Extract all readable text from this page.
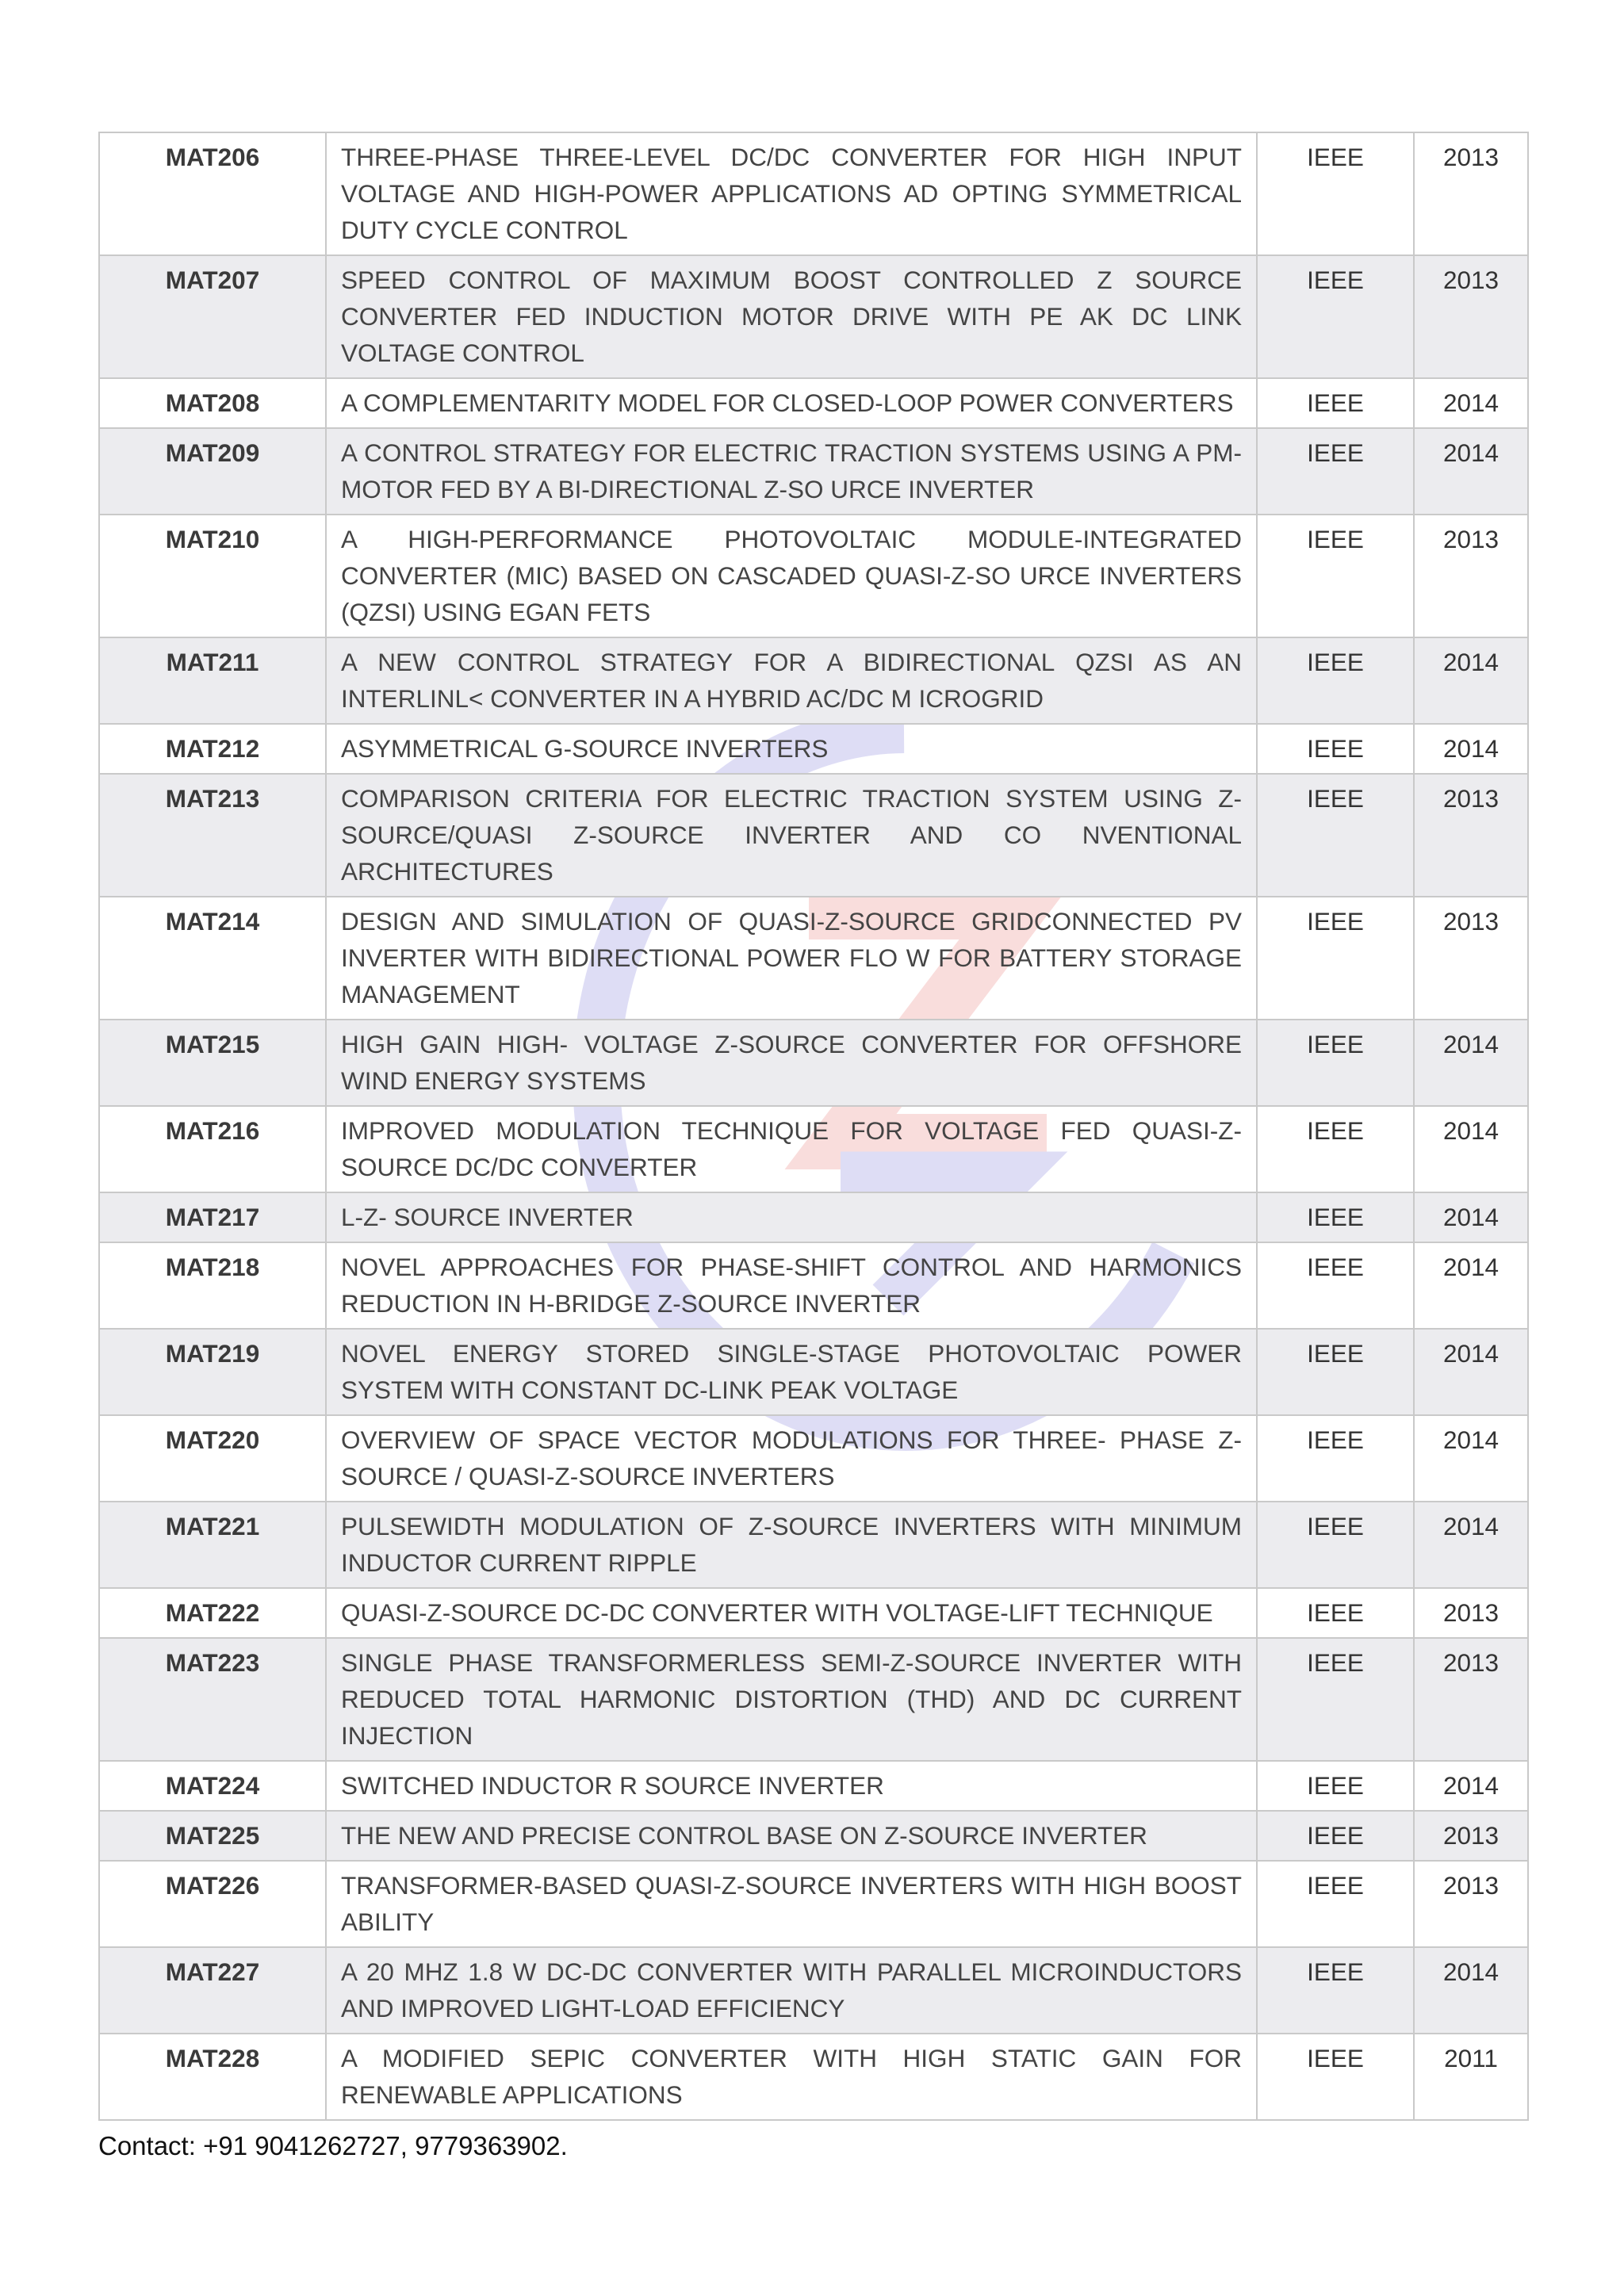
MAT206	THREE-PHASE THREE-LEVEL DC/DC CONVERTER FOR HIGH INPUT VOLTAGE AND HIGH-POWER APPLICATIONS AD OPTING SYMMETRICAL DUTY CYCLE CONTROL	IEEE	2013
MAT207	SPEED CONTROL OF MAXIMUM BOOST CONTROLLED Z SOURCE CONVERTER FED INDUCTION MOTOR DRIVE WITH PE AK DC LINK VOLTAGE CONTROL	IEEE	2013
MAT208	A COMPLEMENTARITY MODEL FOR CLOSED-LOOP POWER CONVERTERS	IEEE	2014
MAT209	A CONTROL STRATEGY FOR ELECTRIC TRACTION SYSTEMS USING A PM-MOTOR FED BY A BI-DIRECTIONAL Z-SO URCE INVERTER	IEEE	2014
MAT210	A HIGH-PERFORMANCE PHOTOVOLTAIC MODULE-INTEGRATED CONVERTER (MIC) BASED ON CASCADED QUASI-Z-SO URCE INVERTERS (QZSI) USING EGAN FETS	IEEE	2013
MAT211	A NEW CONTROL STRATEGY FOR A BIDIRECTIONAL QZSI AS AN INTERLINL< CONVERTER IN A HYBRID AC/DC M ICROGRID	IEEE	2014
MAT212	ASYMMETRICAL G-SOURCE INVERTERS	IEEE	2014
MAT213	COMPARISON CRITERIA FOR ELECTRIC TRACTION SYSTEM USING Z-SOURCE/QUASI Z-SOURCE INVERTER AND CO NVENTIONAL ARCHITECTURES	IEEE	2013
MAT214	DESIGN AND SIMULATION OF QUASI-Z-SOURCE GRIDCONNECTED PV INVERTER WITH BIDIRECTIONAL POWER FLO W FOR BATTERY STORAGE MANAGEMENT	IEEE	2013
MAT215	HIGH GAIN HIGH- VOLTAGE Z-SOURCE CONVERTER FOR OFFSHORE WIND ENERGY SYSTEMS	IEEE	2014
MAT216	IMPROVED MODULATION TECHNIQUE FOR VOLTAGE FED QUASI-Z-SOURCE DC/DC CONVERTER	IEEE	2014
MAT217	L-Z- SOURCE INVERTER	IEEE	2014
MAT218	NOVEL APPROACHES FOR PHASE-SHIFT CONTROL AND HARMONICS REDUCTION IN H-BRIDGE Z-SOURCE INVERTER	IEEE	2014
MAT219	NOVEL ENERGY STORED SINGLE-STAGE PHOTOVOLTAIC POWER SYSTEM WITH CONSTANT DC-LINK PEAK VOLTAGE	IEEE	2014
MAT220	OVERVIEW OF SPACE VECTOR MODULATIONS FOR THREE- PHASE Z-SOURCE / QUASI-Z-SOURCE INVERTERS	IEEE	2014
MAT221	PULSEWIDTH MODULATION OF Z-SOURCE INVERTERS WITH MINIMUM INDUCTOR CURRENT RIPPLE	IEEE	2014
MAT222	QUASI-Z-SOURCE DC-DC CONVERTER WITH VOLTAGE-LIFT TECHNIQUE	IEEE	2013
MAT223	SINGLE PHASE TRANSFORMERLESS SEMI-Z-SOURCE INVERTER WITH REDUCED TOTAL HARMONIC DISTORTION (THD) AND DC CURRENT INJECTION	IEEE	2013
MAT224	SWITCHED INDUCTOR R SOURCE INVERTER	IEEE	2014
MAT225	THE NEW AND PRECISE CONTROL BASE ON Z-SOURCE INVERTER	IEEE	2013
MAT226	TRANSFORMER-BASED QUASI-Z-SOURCE INVERTERS WITH HIGH BOOST ABILITY	IEEE	2013
MAT227	A 20 MHZ 1.8 W DC-DC CONVERTER WITH PARALLEL MICROINDUCTORS AND IMPROVED LIGHT-LOAD EFFICIENCY	IEEE	2014
MAT228	A MODIFIED SEPIC CONVERTER WITH HIGH STATIC GAIN FOR RENEWABLE APPLICATIONS	IEEE	2011
Contact: +91 9041262727, 9779363902.
